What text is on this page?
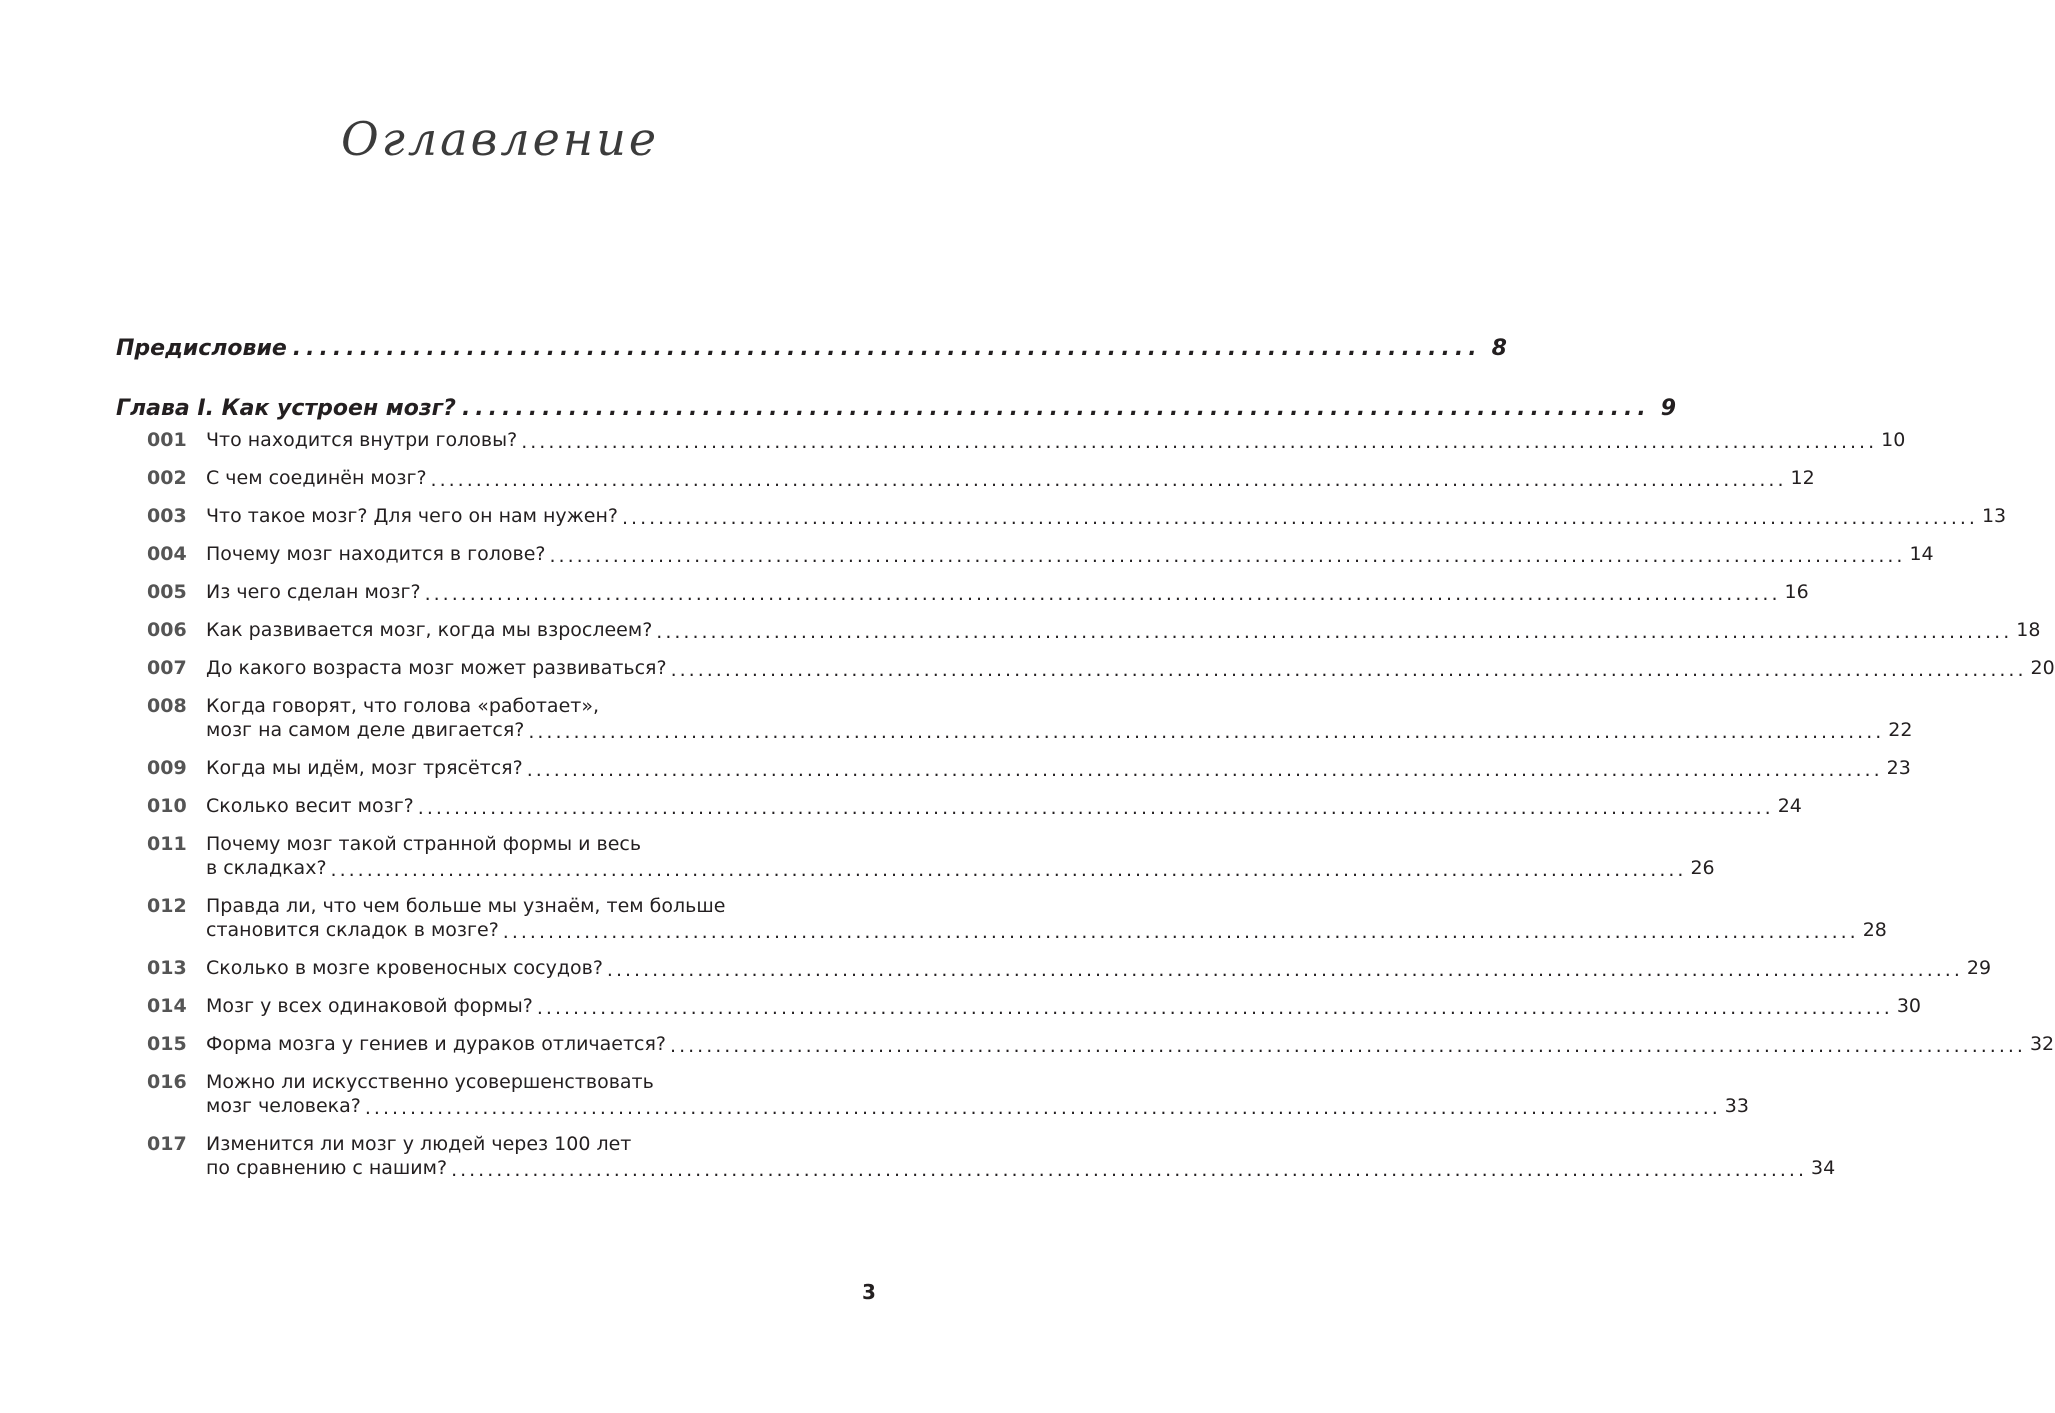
Оглавление
Предисловие ......................................................................................... 8
Глава I. Как устроен мозг? ......................................................................................... 9
001	Что находится внутри головы? ...................................................................................................................................................... 10
002	С чем соединён мозг? ...................................................................................................................................................... 12
003	Что такое мозг? Для чего он нам нужен? ...................................................................................................................................................... 13
004	Почему мозг находится в голове? ...................................................................................................................................................... 14
005	Из чего сделан мозг? ...................................................................................................................................................... 16
006	Как развивается мозг, когда мы взрослеем? ...................................................................................................................................................... 18
007	До какого возраста мозг может развиваться? ...................................................................................................................................................... 20
008	Когда говорят, что голова «работает»,
мозг на самом деле двигается? ...................................................................................................................................................... 22
009	Когда мы идём, мозг трясётся? ...................................................................................................................................................... 23
010	Сколько весит мозг? ...................................................................................................................................................... 24
011	Почему мозг такой странной формы и весь
в складках? ...................................................................................................................................................... 26
012	Правда ли, что чем больше мы узнаём, тем больше
становится складок в мозге? ...................................................................................................................................................... 28
013	Сколько в мозге кровеносных сосудов? ...................................................................................................................................................... 29
014	Мозг у всех одинаковой формы? ...................................................................................................................................................... 30
015	Форма мозга у гениев и дураков отличается? ...................................................................................................................................................... 32
016	Можно ли искусственно усовершенствовать
мозг человека? ...................................................................................................................................................... 33
017	Изменится ли мозг у людей через 100 лет
по сравнению с нашим? ...................................................................................................................................................... 34
3
